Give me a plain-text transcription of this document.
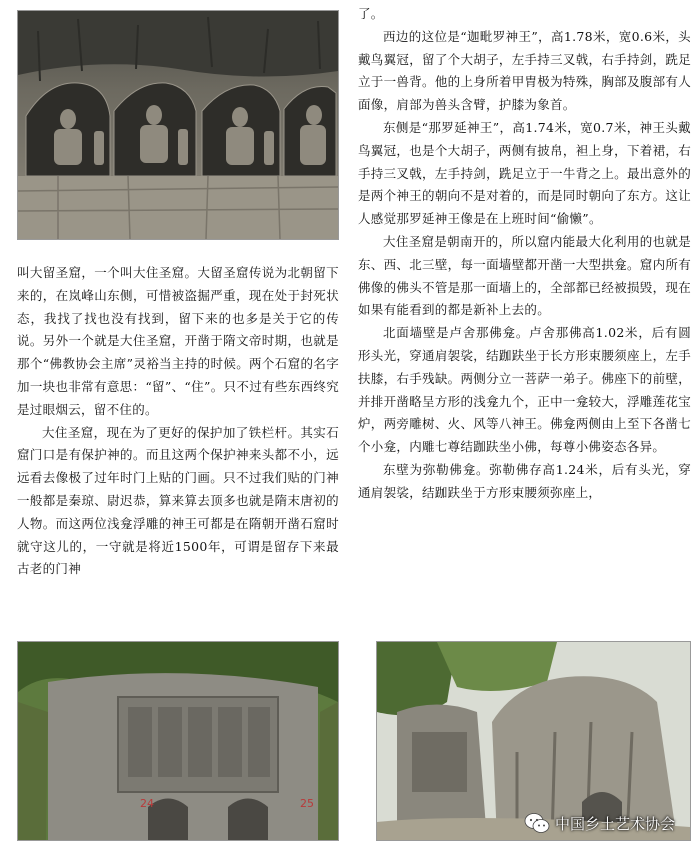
叫大留圣窟，一个叫大住圣窟。大留圣窟传说为北朝留下来的，在岚峰山东侧，可惜被盗掘严重，现在处于封死状态，我找了找也没有找到，留下来的也多是关于它的传说。另外一个就是大住圣窟，开凿于隋文帝时期，也就是那个“佛教协会主席”灵裕当主持的时候。两个石窟的名字加一块也非常有意思：“留”、“住”。只不过有些东西终究是过眼烟云，留不住的。

大住圣窟，现在为了更好的保护加了铁栏杆。其实石窟门口是有保护神的。而且这两个保护神来头都不小，远远看去像极了过年时门上贴的门画。只不过我们贴的门神一般都是秦琼、尉迟恭，算来算去顶多也就是隋末唐初的人物。而这两位浅龛浮雕的神王可都是在隋朝开凿石窟时就守这儿的，一守就是将近1500年，可谓是留存下来最古老的门神

了。

西边的这位是“迦毗罗神王”，高1.78米，宽0.6米，头戴鸟翼冠，留了个大胡子，左手持三叉戟，右手持剑，跣足立于一兽背。他的上身所着甲胄极为特殊，胸部及腹部有人面像，肩部为兽头含臂，护膝为象首。

东侧是“那罗延神王”，高1.74米，宽0.7米，神王头戴鸟翼冠，也是个大胡子，两侧有披帛，袒上身，下着裙，右手持三叉戟，左手持剑，跣足立于一牛背之上。最出意外的是两个神王的朝向不是对着的，而是同时朝向了东方。这让人感觉那罗延神王像是在上班时间“偷懒”。

大住圣窟是朝南开的，所以窟内能最大化利用的也就是东、西、北三壁，每一面墙壁都开凿一大型拱龛。窟内所有佛像的佛头不管是那一面墙上的，全部都已经被损毁，现在如果有能看到的都是新补上去的。

北面墙壁是卢舍那佛龛。卢舍那佛高1.02米，后有圆形头光，穿通肩袈裟，结跏趺坐于长方形束腰须座上，左手扶膝，右手残缺。两侧分立一菩萨一弟子。佛座下的前壁，并排开凿略呈方形的浅龛九个，正中一龛较大，浮雕莲花宝炉，两旁雕树、火、风等八神王。佛龛两侧由上至下各凿七个小龛，内雕七尊结跏趺坐小佛，每尊小佛姿态各异。

东壁为弥勒佛龛。弥勒佛存高1.24米，后有头光，穿通肩袈裟，结跏趺坐于方形束腰须弥座上，

24	25
中国乡土艺术协会
